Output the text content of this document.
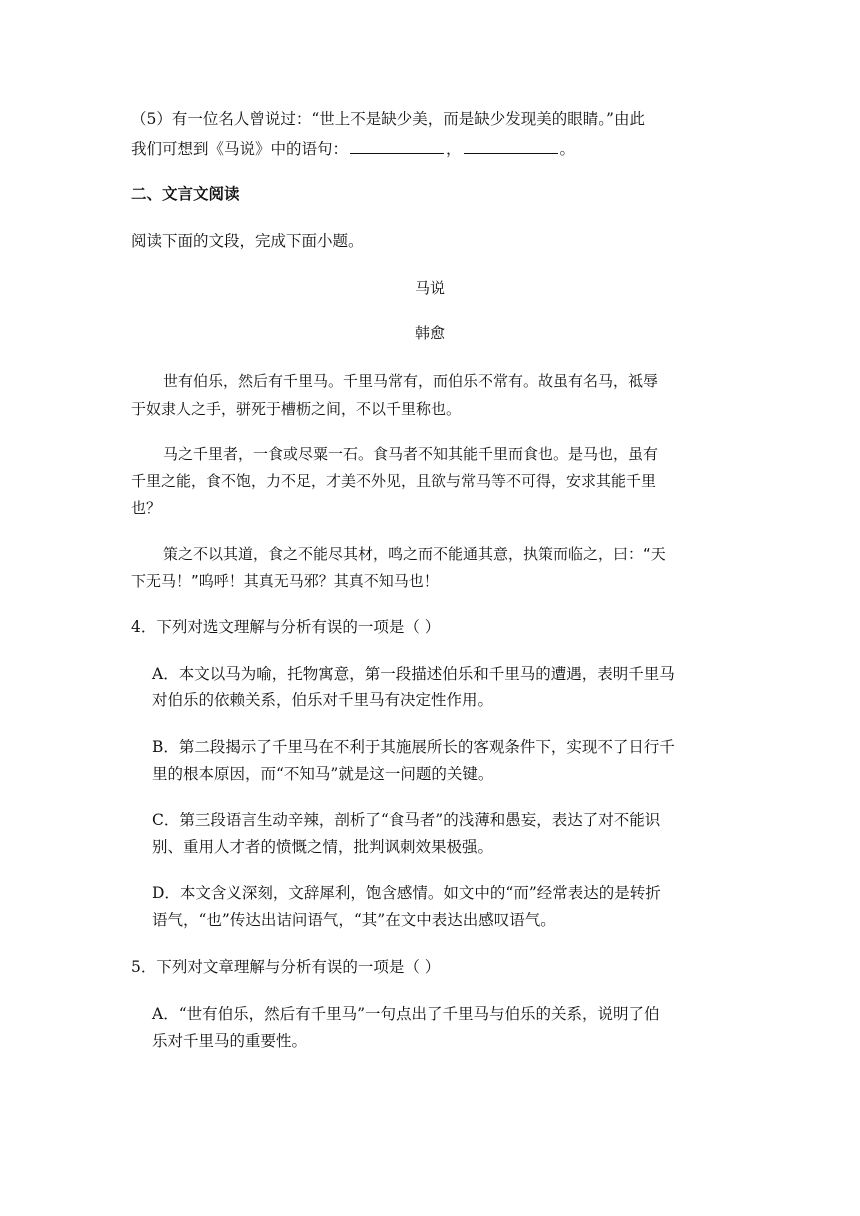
（5）有一位名人曾说过：“世上不是缺少美，而是缺少发现美的眼睛。”由此
我们可想到《马说》中的语句：	，	。
二、文言文阅读
阅读下面的文段，完成下面小题。
马说
韩愈
世有伯乐，然后有千里马。千里马常有，而伯乐不常有。故虽有名马，祗辱
于奴隶人之手，骈死于槽枥之间，不以千里称也。
马之千里者，一食或尽粟一石。食马者不知其能千里而食也。是马也，虽有
千里之能，食不饱，力不足，才美不外见，且欲与常马等不可得，安求其能千里
也？
策之不以其道，食之不能尽其材，鸣之而不能通其意，执策而临之，曰：“天
下无马！”呜呼！其真无马邪？其真不知马也！
4．下列对选文理解与分析有误的一项是（ ）
A．本文以马为喻，托物寓意，第一段描述伯乐和千里马的遭遇，表明千里马
对伯乐的依赖关系，伯乐对千里马有决定性作用。
B．第二段揭示了千里马在不利于其施展所长的客观条件下，实现不了日行千
里的根本原因，而“不知马”就是这一问题的关键。
C．第三段语言生动辛辣，剖析了“食马者”的浅薄和愚妄，表达了对不能识
别、重用人才者的愤慨之情，批判讽刺效果极强。
D．本文含义深刻，文辞犀利，饱含感情。如文中的“而”经常表达的是转折
语气，“也”传达出诘问语气，“其”在文中表达出感叹语气。
5．下列对文章理解与分析有误的一项是（ ）
A．“世有伯乐，然后有千里马”一句点出了千里马与伯乐的关系，说明了伯
乐对千里马的重要性。
